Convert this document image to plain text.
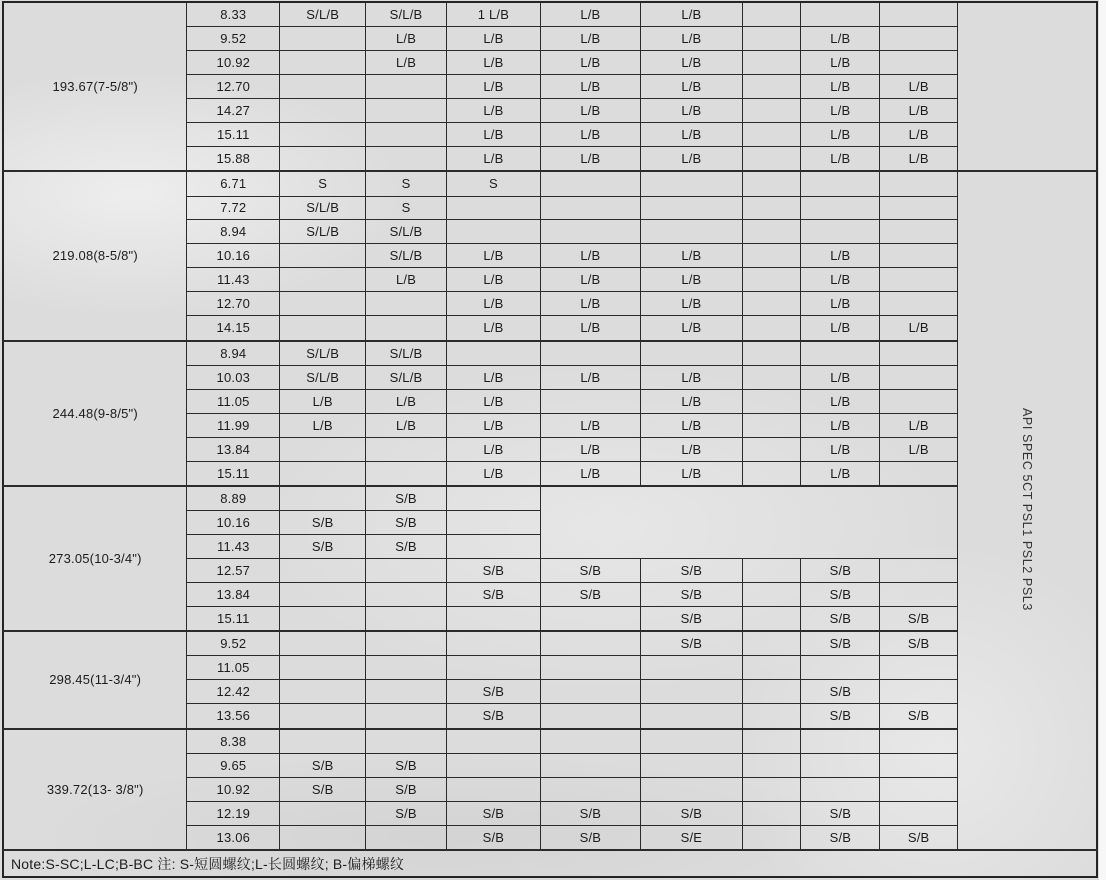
193.67(7-5/8")	8.33	S/L/B	S/L/B	1 L/B	L/B	L/B				
	9.52		L/B	L/B	L/B	L/B		L/B		
	10.92		L/B	L/B	L/B	L/B		L/B		
	12.70			L/B	L/B	L/B		L/B	L/B	
	14.27			L/B	L/B	L/B		L/B	L/B	
	15.11			L/B	L/B	L/B		L/B	L/B	
	15.88			L/B	L/B	L/B		L/B	L/B	
219.08(8-5/8")	6.71	S	S	S						API SPEC 5CT PSL1 PSL2 PSL3
	7.72	S/L/B	S							
	8.94	S/L/B	S/L/B							
	10.16		S/L/B	L/B	L/B	L/B		L/B		
	11.43		L/B	L/B	L/B	L/B		L/B		
	12.70			L/B	L/B	L/B		L/B		
	14.15			L/B	L/B	L/B		L/B	L/B	
244.48(9-8/5")	8.94	S/L/B	S/L/B							
	10.03	S/L/B	S/L/B	L/B	L/B	L/B		L/B		
	11.05	L/B	L/B	L/B		L/B		L/B		
	11.99	L/B	L/B	L/B	L/B	L/B		L/B	L/B	
	13.84			L/B	L/B	L/B		L/B	L/B	
	15.11			L/B	L/B	L/B		L/B		
273.05(10-3/4")	8.89		S/B							
	10.16	S/B	S/B							
	11.43	S/B	S/B							
	12.57			S/B	S/B	S/B		S/B		
	13.84			S/B	S/B	S/B		S/B		
	15.11					S/B		S/B	S/B	
298.45(11-3/4")	9.52					S/B		S/B	S/B	
	11.05									
	12.42			S/B				S/B		
	13.56			S/B				S/B	S/B	
339.72(13- 3/8")	8.38									
	9.65	S/B	S/B							
	10.92	S/B	S/B							
	12.19		S/B	S/B	S/B	S/B		S/B		
	13.06			S/B	S/B	S/E		S/B	S/B	
Note:S-SC;L-LC;B-BC 注: S-短圆螺纹;L-长圆螺纹; B-偏梯螺纹										
